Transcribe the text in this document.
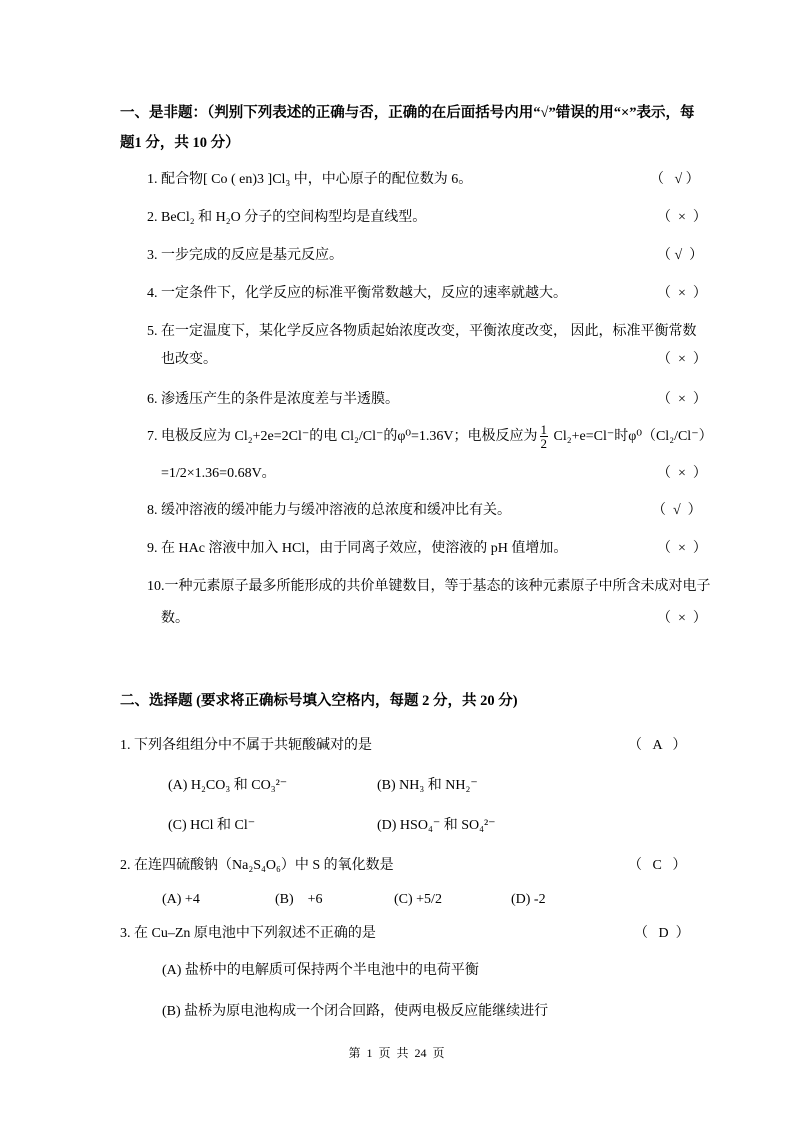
一、是非题：（判别下列表述的正确与否，正确的在后面括号内用“√”错误的用“×”表示，每
题1 分，共 10 分）
1. 配合物[ Co ( en)3 ]Cl₃ 中，中心原子的配位数为 6。	（   √ ）
2. BeCl₂ 和 H₂O 分子的空间构型均是直线型。	（  ×  ）
3. 一步完成的反应是基元反应。	（ √  ）
4. 一定条件下，化学反应的标准平衡常数越大，反应的速率就越大。	（  ×  ）
5. 在一定温度下，某化学反应各物质起始浓度改变，平衡浓度改变， 因此，标准平衡常数
也改变。	（  ×  ）
6. 渗透压产生的条件是浓度差与半透膜。	（  ×  ）
7. 电极反应为 Cl₂+2e=2Cl⁻的电 Cl₂/Cl⁻的φ⁰=1.36V；电极反应为 $\frac{1}{2} Cl_2+e=Cl^-$时φ⁰（Cl₂/Cl⁻）
=1/2×1.36=0.68V。	（  ×  ）
8. 缓冲溶液的缓冲能力与缓冲溶液的总浓度和缓冲比有关。	（  √  ）
9. 在 HAc 溶液中加入 HCl，由于同离子效应，使溶液的 pH 值增加。	（  ×  ）
10.一种元素原子最多所能形成的共价单键数目，等于基态的该种元素原子中所含未成对电子
数。	（  ×  ）
二、选择题 (要求将正确标号填入空格内，每题 2 分，共 20 分)
1. 下列各组组分中不属于共轭酸碱对的是	（   A   ）
(A) H₂CO₃ 和 CO₃²⁻	(B) NH₃ 和 NH₂⁻
(C) HCl 和 Cl⁻	(D) HSO₄⁻ 和 SO₄²⁻
2. 在连四硫酸钠（Na₂S₄O₆）中 S 的氧化数是	（   C   ）
(A) +4	(B)    +6	(C) +5/2	(D) -2
3. 在 Cu–Zn 原电池中下列叙述不正确的是	（   D  ）
(A) 盐桥中的电解质可保持两个半电池中的电荷平衡
(B) 盐桥为原电池构成一个闭合回路，使两电极反应能继续进行
第  1  页  共  24  页
